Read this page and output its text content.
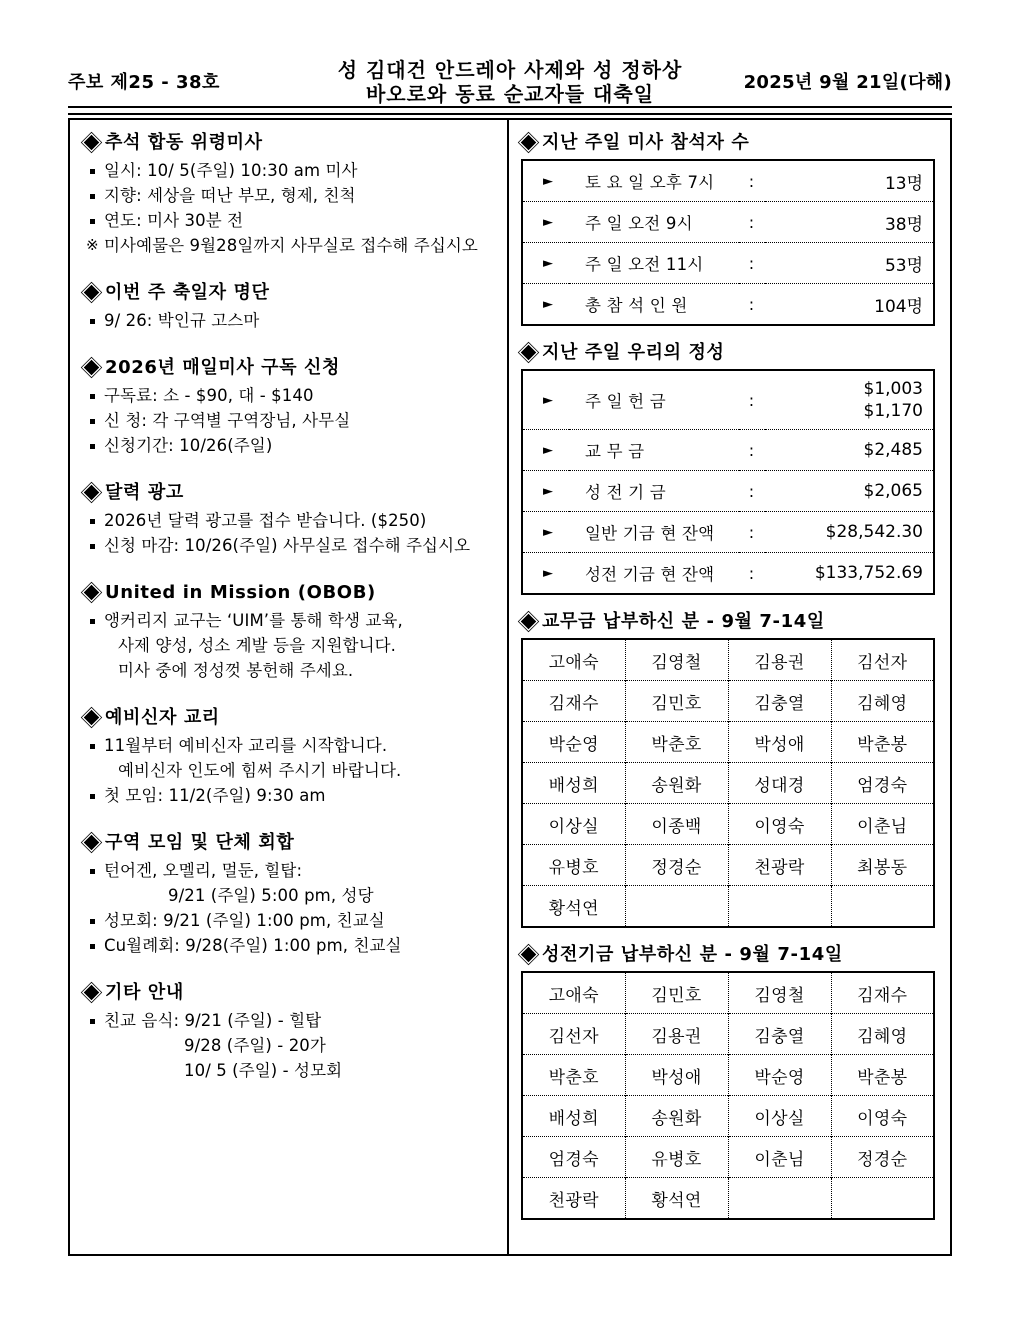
주보 제25 - 38호
성 김대건 안드레아 사제와 성 정하상
바오로와 동료 순교자들 대축일	2025년 9월 21일(다해)
추석 합동 위령미사
일시: 10/ 5(주일) 10:30 am 미사
지향: 세상을 떠난 부모, 형제, 친척
연도: 미사 30분 전
※ 미사예물은 9월28일까지 사무실로 접수해 주십시오
이번 주 축일자 명단
9/ 26: 박인규 고스마
2026년 매일미사 구독 신청
구독료: 소 - $90, 대 - $140
신 청: 각 구역별 구역장님, 사무실
신청기간: 10/26(주일)
달력 광고
2026년 달력 광고를 접수 받습니다. ($250)
신청 마감: 10/26(주일) 사무실로 접수해 주십시오
United in Mission (OBOB)
앵커리지 교구는 ‘UIM’를 통해 학생 교육,
사제 양성, 성소 계발 등을 지원합니다.
미사 중에 정성껏 봉헌해 주세요.
예비신자 교리
11월부터 예비신자 교리를 시작합니다.
예비신자 인도에 힘써 주시기 바랍니다.
첫 모임: 11/2(주일) 9:30 am
구역 모임 및 단체 회합
턴어겐, 오멜리, 멀둔, 힐탑:
9/21 (주일) 5:00 pm, 성당
성모회: 9/21 (주일) 1:00 pm, 친교실
Cu월례회: 9/28(주일) 1:00 pm, 친교실
기타 안내
친교 음식: 9/21 (주일) - 힐탑
9/28 (주일) - 20가
10/ 5 (주일) - 성모회
지난 주일 미사 참석자 수
►	토 요 일 오후 7시	:	13명
►	주 일 오전 9시	:	38명
►	주 일 오전 11시	:	53명
►	총 참 석 인 원	:	104명
지난 주일 우리의 정성
►	주 일 헌 금	:	$1,003
$1,170

►	교 무 금	:	$2,485
►	성 전 기 금	:	$2,065
►	일반 기금 현 잔액	:	$28,542.30
►	성전 기금 현 잔액	:	$133,752.69
교무금 납부하신 분 - 9월 7-14일
고애숙	김영철	김용권	김선자
김재수	김민호	김충열	김혜영
박순영	박춘호	박성애	박춘봉
배성희	송원화	성대경	엄경숙
이상실	이종백	이영숙	이춘님
유병호	정경순	천광락	최봉동
황석연			
성전기금 납부하신 분 - 9월 7-14일
고애숙	김민호	김영철	김재수
김선자	김용권	김충열	김혜영
박춘호	박성애	박순영	박춘봉
배성희	송원화	이상실	이영숙
엄경숙	유병호	이춘님	정경순
천광락	황석연		
